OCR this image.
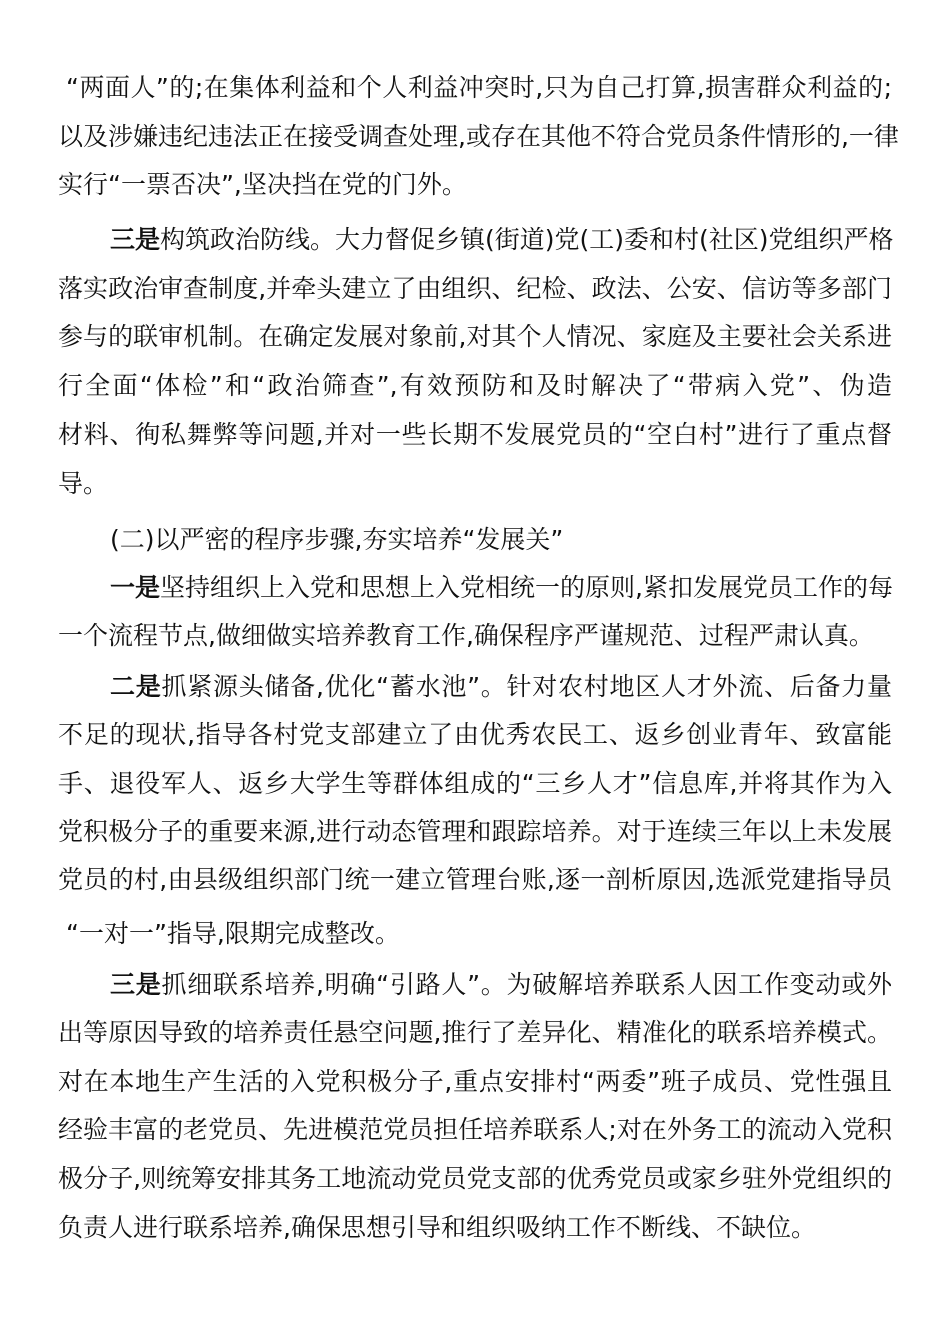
“两面人”的;在集体利益和个人利益冲突时,只为自己打算,损害群众利益的;
以及涉嫌违纪违法正在接受调查处理,或存在其他不符合党员条件情形的,一律
实行“一票否决”,坚决挡在党的门外。
三是构筑政治防线。大力督促乡镇(街道)党(工)委和村(社区)党组织严格
落实政治审查制度,并牵头建立了由组织、纪检、政法、公安、信访等多部门
参与的联审机制。在确定发展对象前,对其个人情况、家庭及主要社会关系进
行全面“体检”和“政治筛查”,有效预防和及时解决了“带病入党”、伪造
材料、徇私舞弊等问题,并对一些长期不发展党员的“空白村”进行了重点督
导。
(二)以严密的程序步骤,夯实培养“发展关”
一是坚持组织上入党和思想上入党相统一的原则,紧扣发展党员工作的每
一个流程节点,做细做实培养教育工作,确保程序严谨规范、过程严肃认真。
二是抓紧源头储备,优化“蓄水池”。针对农村地区人才外流、后备力量
不足的现状,指导各村党支部建立了由优秀农民工、返乡创业青年、致富能
手、退役军人、返乡大学生等群体组成的“三乡人才”信息库,并将其作为入
党积极分子的重要来源,进行动态管理和跟踪培养。对于连续三年以上未发展
党员的村,由县级组织部门统一建立管理台账,逐一剖析原因,选派党建指导员
“一对一”指导,限期完成整改。
三是抓细联系培养,明确“引路人”。为破解培养联系人因工作变动或外
出等原因导致的培养责任悬空问题,推行了差异化、精准化的联系培养模式。
对在本地生产生活的入党积极分子,重点安排村“两委”班子成员、党性强且
经验丰富的老党员、先进模范党员担任培养联系人;对在外务工的流动入党积
极分子,则统筹安排其务工地流动党员党支部的优秀党员或家乡驻外党组织的
负责人进行联系培养,确保思想引导和组织吸纳工作不断线、不缺位。
